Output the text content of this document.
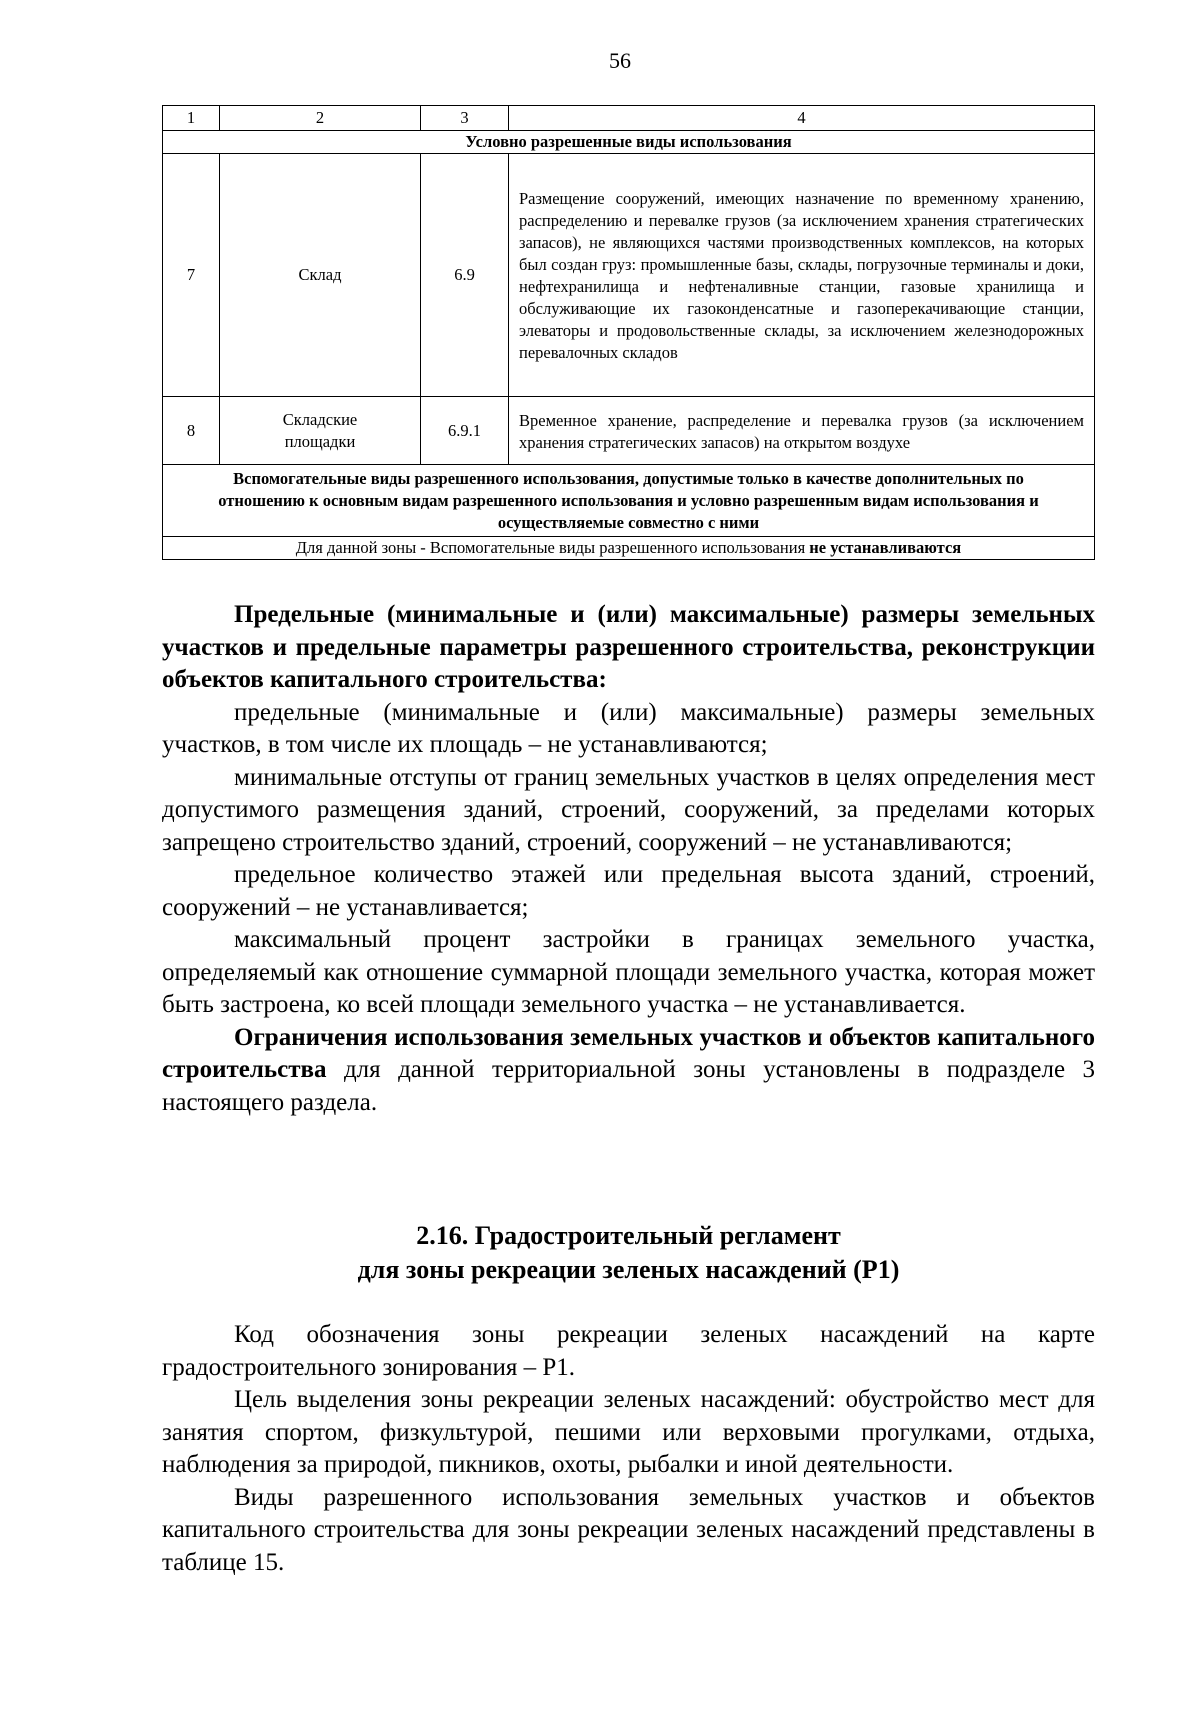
56
1	2	3	4
Условно разрешенные виды использования			
7	Склад	6.9	Размещение сооружений, имеющих назначение по временному хранению, распределению и перевалке грузов (за исключением хранения стратегических запасов), не являющихся частями производственных комплексов, на которых был создан груз: промышленные базы, склады, погрузочные терминалы и доки, нефтехранилища и нефтеналивные станции, газовые хранилища и обслуживающие их газоконденсатные и газоперекачивающие станции, элеваторы и продовольственные склады, за исключением железнодорожных перевалочных складов
8	Складские площадки	6.9.1	Временное хранение, распределение и перевалка грузов (за исключением хранения стратегических запасов) на открытом воздухе
Вспомогательные виды разрешенного использования, допустимые только в качестве дополнительных по отношению к основным видам разрешенного использования и условно разрешенным видам использования и осуществляемые совместно с ними			
Для данной зоны - Вспомогательные виды разрешенного использования не устанавливаются			

Предельные (минимальные и (или) максимальные) размеры земельных участков и предельные параметры разрешенного строительства, реконструкции объектов капитального строительства:

предельные (минимальные и (или) максимальные) размеры земельных участков, в том числе их площадь – не устанавливаются;

минимальные отступы от границ земельных участков в целях определения мест допустимого размещения зданий, строений, сооружений, за пределами которых запрещено строительство зданий, строений, сооружений – не устанавливаются;

предельное количество этажей или предельная высота зданий, строений, сооружений – не устанавливается;

максимальный процент застройки в границах земельного участка, определяемый как отношение суммарной площади земельного участка, которая может быть застроена, ко всей площади земельного участка – не устанавливается.

Ограничения использования земельных участков и объектов капитального строительства для данной территориальной зоны установлены в подразделе 3 настоящего раздела.

2.16. Градостроительный регламент

для зоны рекреации зеленых насаждений (Р1)

Код обозначения зоны рекреации зеленых насаждений на карте градостроительного зонирования – Р1.

Цель выделения зоны рекреации зеленых насаждений: обустройство мест для занятия спортом, физкультурой, пешими или верховыми прогулками, отдыха, наблюдения за природой, пикников, охоты, рыбалки и иной деятельности.

Виды разрешенного использования земельных участков и объектов капитального строительства для зоны рекреации зеленых насаждений представлены в таблице 15.
